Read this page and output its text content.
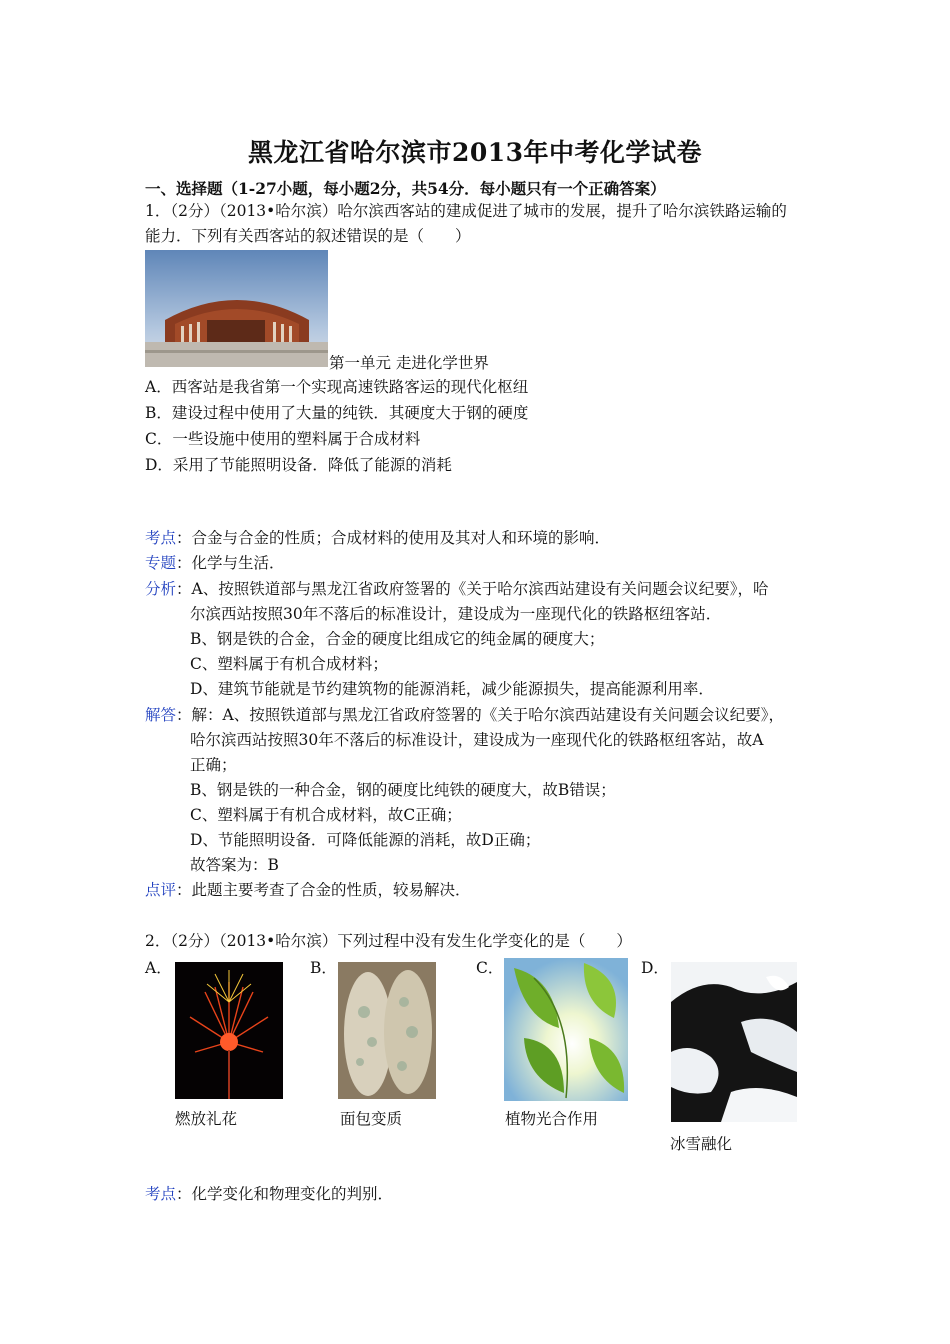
黑龙江省哈尔滨市2013年中考化学试卷
一、选择题（1-27小题，每小题2分，共54分．每小题只有一个正确答案）
1．（2分）（2013•哈尔滨）哈尔滨西客站的建成促进了城市的发展，提升了哈尔滨铁路运输的
能力．下列有关西客站的叙述错误的是（　　）
第一单元 走进化学世界
A．西客站是我省第一个实现高速铁路客运的现代化枢纽
B．建设过程中使用了大量的纯铁．其硬度大于钢的硬度
C．一些设施中使用的塑料属于合成材料
D．采用了节能照明设备．降低了能源的消耗
考点：合金与合金的性质；合成材料的使用及其对人和环境的影响．
专题：化学与生活．
分析：A、按照铁道部与黑龙江省政府签署的《关于哈尔滨西站建设有关问题会议纪要》，哈
尔滨西站按照30年不落后的标准设计，建设成为一座现代化的铁路枢纽客站．
B、钢是铁的合金，合金的硬度比组成它的纯金属的硬度大；
C、塑料属于有机合成材料；
D、建筑节能就是节约建筑物的能源消耗，减少能源损失，提高能源利用率．
解答：解：A、按照铁道部与黑龙江省政府签署的《关于哈尔滨西站建设有关问题会议纪要》，
哈尔滨西站按照30年不落后的标准设计，建设成为一座现代化的铁路枢纽客站，故A
正确；
B、钢是铁的一种合金，钢的硬度比纯铁的硬度大，故B错误；
C、塑料属于有机合成材料，故C正确；
D、节能照明设备．可降低能源的消耗，故D正确；
故答案为：B
点评：此题主要考查了合金的性质，较易解决．
2．（2分）（2013•哈尔滨）下列过程中没有发生化学变化的是（　　）
A．
燃放礼花
B．
面包变质
C．
植物光合作用
D．
冰雪融化
考点：化学变化和物理变化的判别．
